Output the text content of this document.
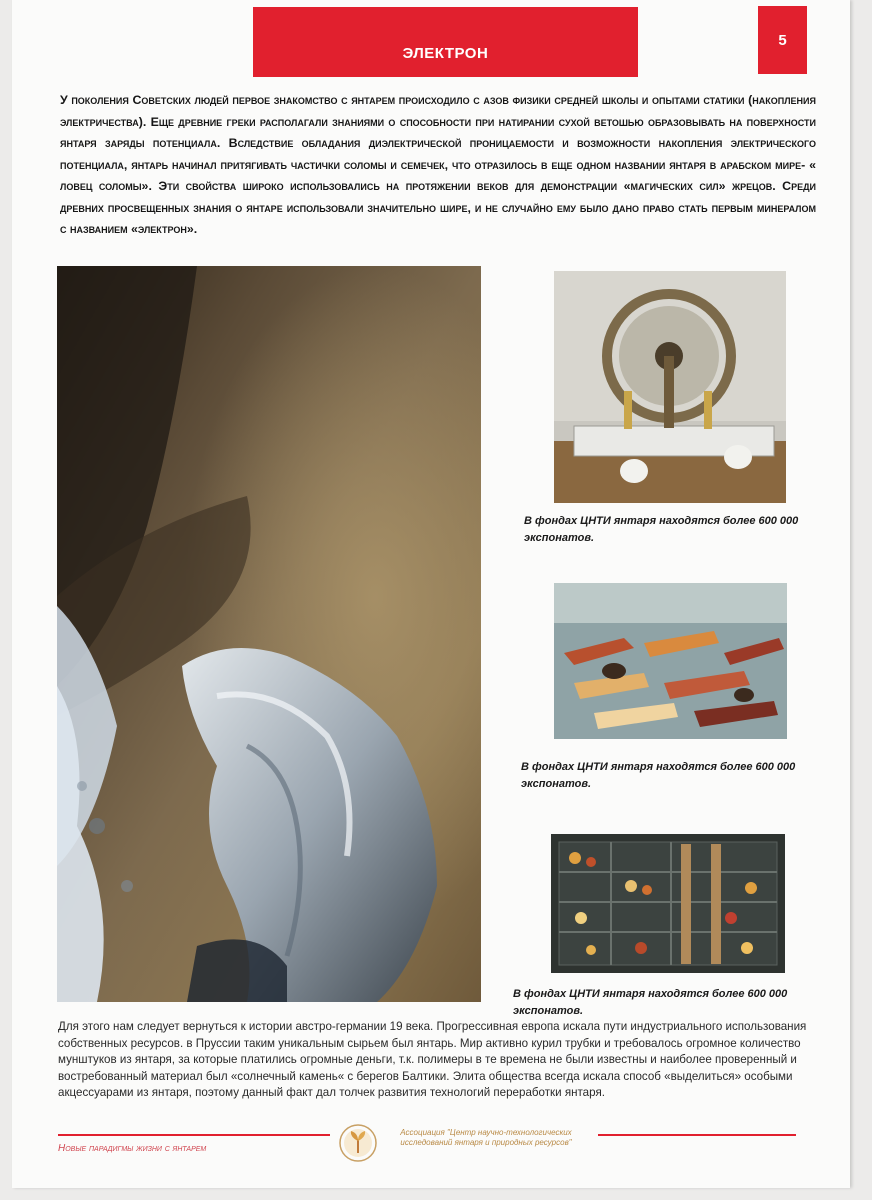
ЭЛЕКТРОН
5

У поколения Советских людей первое знакомство с янтарем происходило с азов физики средней школы и опытами статики (накопления электричества). Еще древние греки располагали знаниями о способности при натирании сухой ветошью образовывать на поверхности янтаря заряды потенциала. Вследствие обладания диэлектрической проницаемости и возможности накопления электрического потенциала, янтарь начинал притягивать частички соломы и семечек, что отразилось в еще одном названии янтаря в арабском мире- « ловец соломы». Эти свойства широко использовались на протяжении веков для демонстрации «магических сил» жрецов. Среди древних просвещенных знания о янтаре использовали значительно шире, и не случайно ему было дано право стать первым минералом с названием «электрон».

В фондах ЦНТИ янтаря находятся более 600 000 экспонатов.

В фондах ЦНТИ янтаря находятся более 600 000 экспонатов.

В фондах ЦНТИ янтаря находятся более 600 000 экспонатов.

Для этого нам следует вернуться к истории австро-германии 19 века. Прогрессивная европа искала пути индустриального использования собственных ресурсов. в Пруссии таким уникальным сырьем был янтарь. Мир активно курил трубки и требовалось огромное количество мунштуков из янтаря, за которые платились огромные деньги, т.к. полимеры в те времена не были известны и наиболее проверенный и востребованный материал был «солнечный камень« с берегов Балтики. Элита общества всегда искала способ «выделиться» особыми акцессуарами из янтаря, поэтому данный факт дал толчек развития технологий переработки янтаря.

Новые парадигмы жизни с янтарем
Ассоциация "Центр научно-технологических исследований янтаря и природных ресурсов"
